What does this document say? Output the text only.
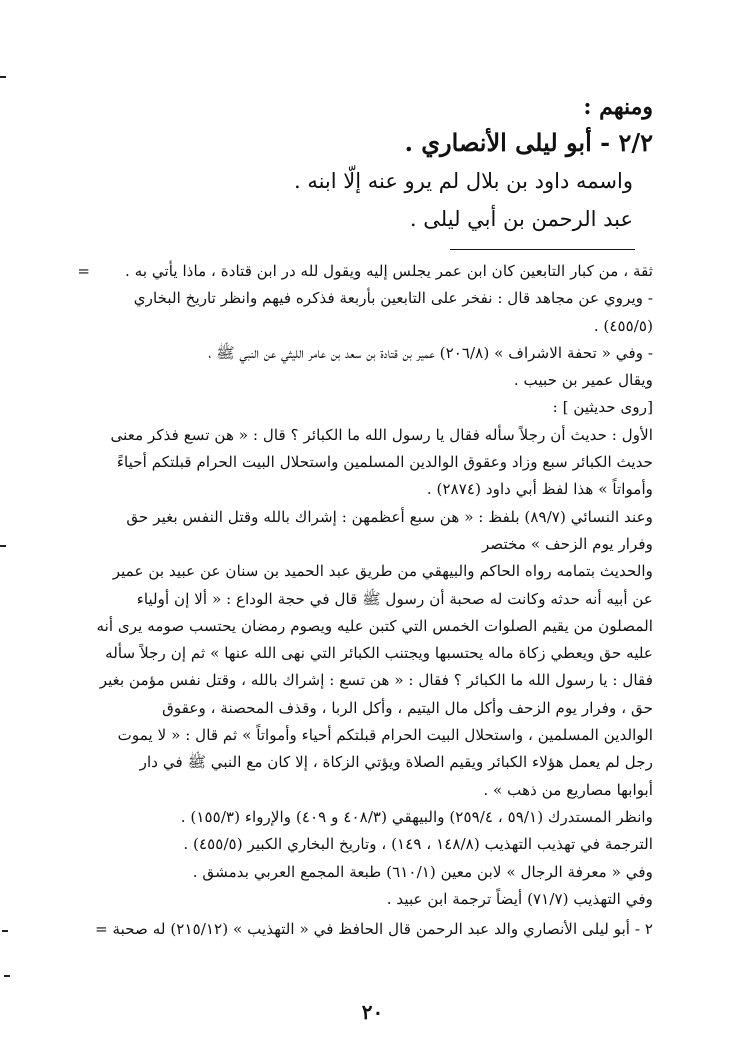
ومنهم :

٢/٢ - أبو ليلى الأنصاري .

واسمه داود بن بلال لم يرو عنه إلّا ابنه .

عبد الرحمن بن أبي ليلى .

=	ثقة ، من كبار التابعين كان ابن عمر يجلس إليه ويقول لله در ابن قتادة ، ماذا يأتي به .

- ويروي عن مجاهد قال : نفخر على التابعين بأربعة فذكره فيهم وانظر تاريخ البخاري

(٤٥٥/٥) .

- وفي « تحفة الاشراف » (٢٠٦/٨) عمير بن قتادة بن سعد بن عامر الليثي عن النبي ﷺ ،

ويقال عمير بن حبيب .

[روى حديثين ] :

الأول : حديث أن رجلاً سأله فقال يا رسول الله ما الكبائر ؟ قال : « هن تسع فذكر معنى

حديث الكبائر سبع وزاد وعقوق الوالدين المسلمين واستحلال البيت الحرام قبلتكم أحياءً

وأمواتاً » هذا لفظ أبي داود (٢٨٧٤) .

وعند النسائي (٨٩/٧) بلفظ : « هن سبع أعظمهن : إشراك بالله وقتل النفس بغير حق

وفرار يوم الزحف » مختصر

والحديث بتمامه رواه الحاكم والبيهقي من طريق عبد الحميد بن سنان عن عبيد بن عمير

عن أبيه أنه حدثه وكانت له صحبة أن رسول ﷺ قال في حجة الوداع : « ألا إن أولياء

المصلون من يقيم الصلوات الخمس التي كتبن عليه ويصوم رمضان يحتسب صومه يرى أنه

عليه حق ويعطي زكاة ماله يحتسبها ويجتنب الكبائر التي نهى الله عنها » ثم إن رجلاً سأله

فقال : يا رسول الله ما الكبائر ؟ فقال : « هن تسع : إشراك بالله ، وقتل نفس مؤمن بغير

حق ، وفرار يوم الزحف وأكل مال اليتيم ، وأكل الربا ، وقذف المحصنة ، وعقوق

الوالدين المسلمين ، واستحلال البيت الحرام قبلتكم أحياء وأمواتاً » ثم قال : « لا يموت

رجل لم يعمل هؤلاء الكبائر ويقيم الصلاة ويؤتي الزكاة ، إلا كان مع النبي ﷺ في دار

أبوابها مصاريع من ذهب » .

وانظر المستدرك (٥٩/١ ، ٢٥٩/٤) والبيهقي (٤٠٨/٣ و ٤٠٩) والإرواء (١٥٥/٣) .

الترجمة في تهذيب التهذيب (١٤٨/٨ ، ١٤٩) ، وتاريخ البخاري الكبير (٤٥٥/٥) .

وفي « معرفة الرجال » لابن معين (٦١٠/١) طبعة المجمع العربي بدمشق .

وفي التهذيب (٧١/٧) أيضاً ترجمة ابن عبيد .

٢ - أبو ليلى الأنصاري والد عبد الرحمن قال الحافظ في « التهذيب » (٢١٥/١٢) له صحبة =

٢٠
